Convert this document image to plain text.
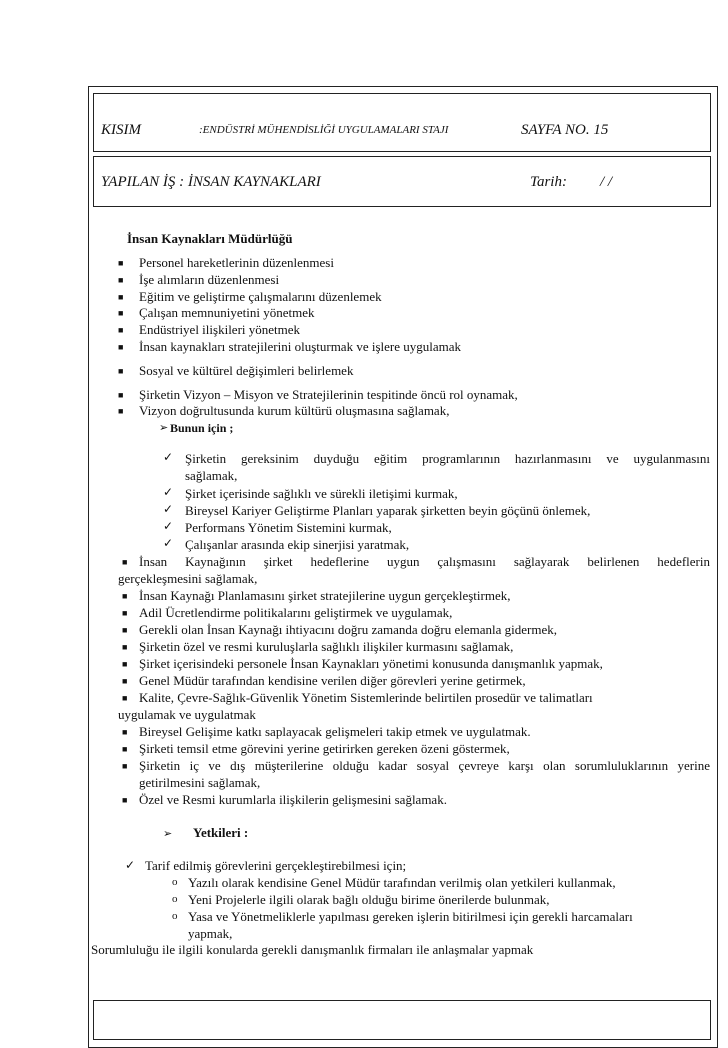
KISIM	:ENDÜSTRİ MÜHENDİSLİĞİ UYGULAMALARI STAJI	SAYFA NO. 15
YAPILAN İŞ : İNSAN KAYNAKLARI	Tarih: / /
İnsan Kaynakları Müdürlüğü
■ Personel hareketlerinin düzenlenmesi
■ İşe alımların düzenlenmesi
■ Eğitim ve geliştirme çalışmalarını düzenlemek
■ Çalışan memnuniyetini yönetmek
■ Endüstriyel ilişkileri yönetmek
■ İnsan kaynakları stratejilerini oluşturmak ve işlere uygulamak
■ Sosyal ve kültürel değişimleri belirlemek
■ Şirketin Vizyon – Misyon ve Stratejilerinin tespitinde öncü rol oynamak,
■ Vizyon doğrultusunda kurum kültürü oluşmasına sağlamak,
➢ Bunun için ;
✓ Şirketin gereksinim duyduğu eğitim programlarının hazırlanmasını ve uygulanmasını
sağlamak,
✓ Şirket içerisinde sağlıklı ve sürekli iletişimi kurmak,
✓ Bireysel Kariyer Geliştirme Planları yaparak şirketten beyin göçünü önlemek,
✓ Performans Yönetim Sistemini kurmak,
✓ Çalışanlar arasında ekip sinerjisi yaratmak,
■ İnsan Kaynağının şirket hedeflerine uygun çalışmasını sağlayarak belirlenen hedeflerin
gerçekleşmesini sağlamak,
■ İnsan Kaynağı Planlamasını şirket stratejilerine uygun gerçekleştirmek,
■ Adil Ücretlendirme politikalarını geliştirmek ve uygulamak,
■ Gerekli olan İnsan Kaynağı ihtiyacını doğru zamanda doğru elemanla gidermek,
■ Şirketin özel ve resmi kuruluşlarla sağlıklı ilişkiler kurmasını sağlamak,
■ Şirket içerisindeki personele İnsan Kaynakları yönetimi konusunda danışmanlık yapmak,
■ Genel Müdür tarafından kendisine verilen diğer görevleri yerine getirmek,
■ Kalite, Çevre-Sağlık-Güvenlik Yönetim Sistemlerinde belirtilen prosedür ve talimatları
uygulamak ve uygulatmak
■ Bireysel Gelişime katkı saplayacak gelişmeleri takip etmek ve uygulatmak.
■ Şirketi temsil etme görevini yerine getirirken gereken özeni göstermek,
■ Şirketin iç ve dış müşterilerine olduğu kadar sosyal çevreye karşı olan sorumluluklarının yerine
getirilmesini sağlamak,
■ Özel ve Resmi kurumlarla ilişkilerin gelişmesini sağlamak.
➢ Yetkileri :
✓ Tarif edilmiş görevlerini gerçekleştirebilmesi için;
o Yazılı olarak kendisine Genel Müdür tarafından verilmiş olan yetkileri kullanmak,
o Yeni Projelerle ilgili olarak bağlı olduğu birime önerilerde bulunmak,
o Yasa ve Yönetmeliklerle yapılması gereken işlerin bitirilmesi için gerekli harcamaları
yapmak,
Sorumluluğu ile ilgili konularda gerekli danışmanlık firmaları ile anlaşmalar yapmak
